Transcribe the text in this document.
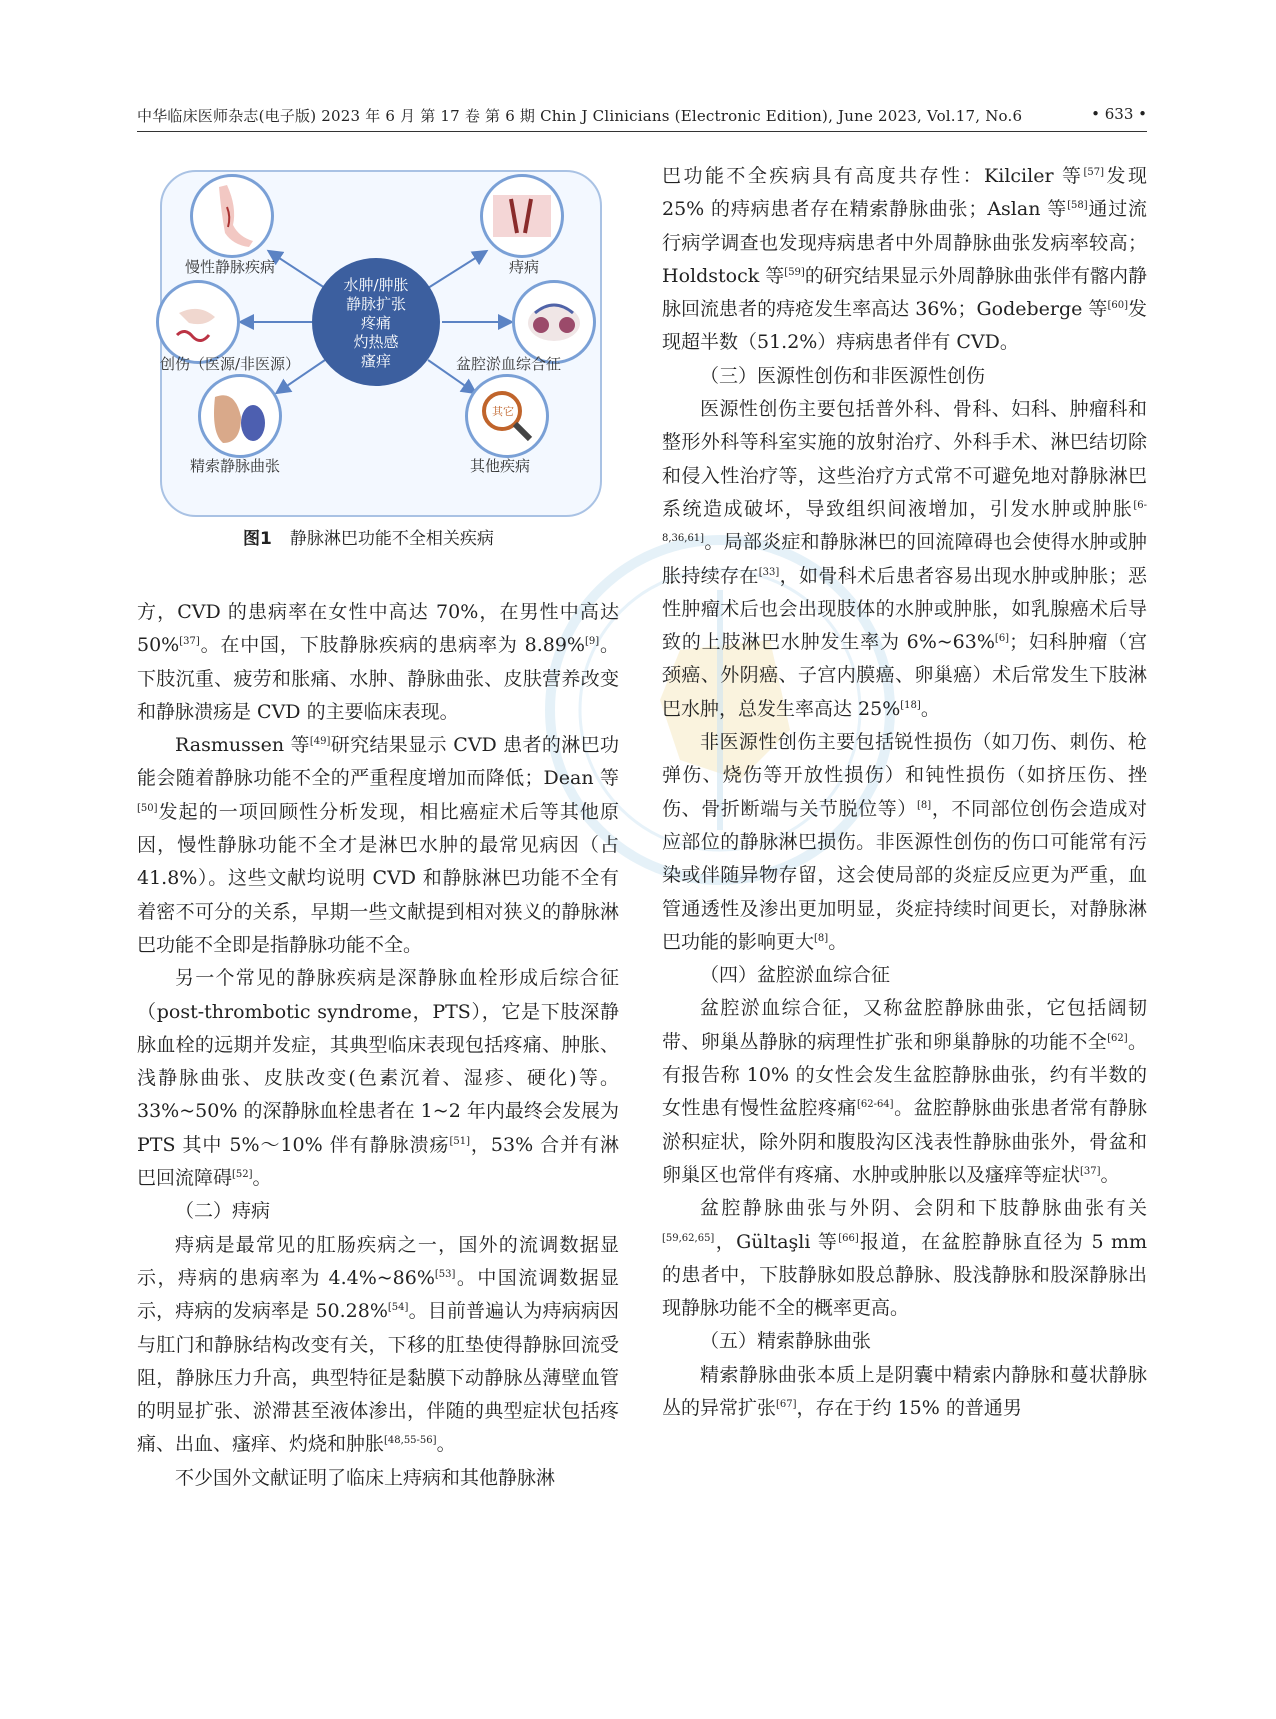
中华临床医师杂志(电子版) 2023 年 6 月 第 17 卷 第 6 期 Chin J Clinicians (Electronic Edition), June 2023, Vol.17, No.6	• 633 •
水肿/肿胀
静脉扩张
疼痛
灼热感
瘙痒
慢性静脉疾病	痔病
创伤（医源/非医源）	盆腔淤血综合征
精索静脉曲张
其它
其他疾病
图1 静脉淋巴功能不全相关疾病

方，CVD 的患病率在女性中高达 70%，在男性中高达 50%[37]。在中国，下肢静脉疾病的患病率为 8.89%[9]。下肢沉重、疲劳和胀痛、水肿、静脉曲张、皮肤营养改变和静脉溃疡是 CVD 的主要临床表现。

Rasmussen 等[49]研究结果显示 CVD 患者的淋巴功能会随着静脉功能不全的严重程度增加而降低；Dean 等[50]发起的一项回顾性分析发现，相比癌症术后等其他原因，慢性静脉功能不全才是淋巴水肿的最常见病因（占 41.8%）。这些文献均说明 CVD 和静脉淋巴功能不全有着密不可分的关系，早期一些文献提到相对狭义的静脉淋巴功能不全即是指静脉功能不全。

另一个常见的静脉疾病是深静脉血栓形成后综合征（post-thrombotic syndrome，PTS），它是下肢深静脉血栓的远期并发症，其典型临床表现包括疼痛、肿胀、浅静脉曲张、皮肤改变(色素沉着、湿疹、硬化)等。33%~50% 的深静脉血栓患者在 1~2 年内最终会发展为 PTS 其中 5%～10% 伴有静脉溃疡[51]，53% 合并有淋巴回流障碍[52]。

（二）痔病

痔病是最常见的肛肠疾病之一，国外的流调数据显示，痔病的患病率为 4.4%~86%[53]。中国流调数据显示，痔病的发病率是 50.28%[54]。目前普遍认为痔病病因与肛门和静脉结构改变有关，下移的肛垫使得静脉回流受阻，静脉压力升高，典型特征是黏膜下动静脉丛薄壁血管的明显扩张、淤滞甚至液体渗出，伴随的典型症状包括疼痛、出血、瘙痒、灼烧和肿胀[48,55-56]。

不少国外文献证明了临床上痔病和其他静脉淋

巴功能不全疾病具有高度共存性：Kilciler 等[57]发现 25% 的痔病患者存在精索静脉曲张；Aslan 等[58]通过流行病学调查也发现痔病患者中外周静脉曲张发病率较高；Holdstock 等[59]的研究结果显示外周静脉曲张伴有髂内静脉回流患者的痔疮发生率高达 36%；Godeberge 等[60]发现超半数（51.2%）痔病患者伴有 CVD。

（三）医源性创伤和非医源性创伤

医源性创伤主要包括普外科、骨科、妇科、肿瘤科和整形外科等科室实施的放射治疗、外科手术、淋巴结切除和侵入性治疗等，这些治疗方式常不可避免地对静脉淋巴系统造成破坏，导致组织间液增加，引发水肿或肿胀[6-8,36,61]。局部炎症和静脉淋巴的回流障碍也会使得水肿或肿胀持续存在[33]，如骨科术后患者容易出现水肿或肿胀；恶性肿瘤术后也会出现肢体的水肿或肿胀，如乳腺癌术后导致的上肢淋巴水肿发生率为 6%~63%[6]；妇科肿瘤（宫颈癌、外阴癌、子宫内膜癌、卵巢癌）术后常发生下肢淋巴水肿，总发生率高达 25%[18]。

非医源性创伤主要包括锐性损伤（如刀伤、刺伤、枪弹伤、烧伤等开放性损伤）和钝性损伤（如挤压伤、挫伤、骨折断端与关节脱位等）[8]，不同部位创伤会造成对应部位的静脉淋巴损伤。非医源性创伤的伤口可能常有污染或伴随异物存留，这会使局部的炎症反应更为严重，血管通透性及渗出更加明显，炎症持续时间更长，对静脉淋巴功能的影响更大[8]。

（四）盆腔淤血综合征

盆腔淤血综合征，又称盆腔静脉曲张，它包括阔韧带、卵巢丛静脉的病理性扩张和卵巢静脉的功能不全[62]。有报告称 10% 的女性会发生盆腔静脉曲张，约有半数的女性患有慢性盆腔疼痛[62-64]。盆腔静脉曲张患者常有静脉淤积症状，除外阴和腹股沟区浅表性静脉曲张外，骨盆和卵巢区也常伴有疼痛、水肿或肿胀以及瘙痒等症状[37]。

盆腔静脉曲张与外阴、会阴和下肢静脉曲张有关[59,62,65]，Gültaşli 等[66]报道，在盆腔静脉直径为 5 mm 的患者中，下肢静脉如股总静脉、股浅静脉和股深静脉出现静脉功能不全的概率更高。

（五）精索静脉曲张

精索静脉曲张本质上是阴囊中精索内静脉和蔓状静脉丛的异常扩张[67]，存在于约 15% 的普通男
